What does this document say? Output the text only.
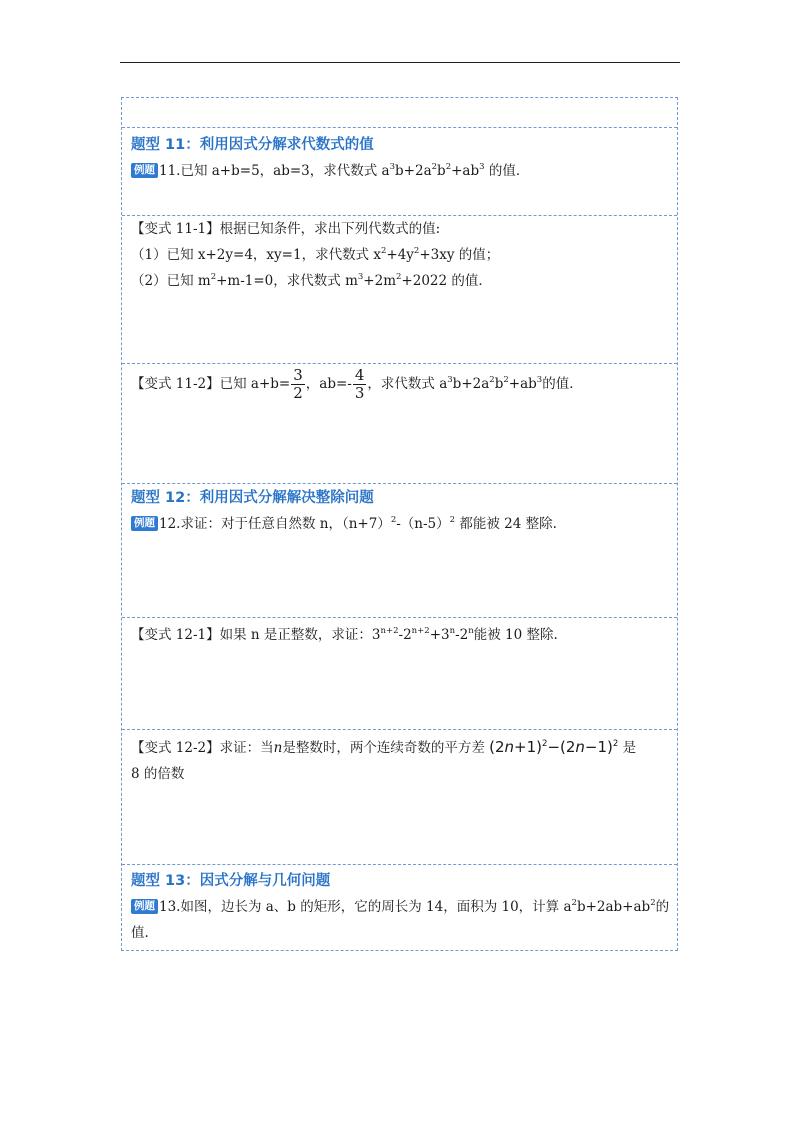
题型 11：利用因式分解求代数式的值
例题 11.已知 a+b=5，ab=3，求代数式 $a^3b+2a^2b^2+ab^3$ 的值．
【变式 11-1】根据已知条件，求出下列代数式的值:
（1）已知 x+2y=4，xy=1，求代数式 $x^2+4y^2+3xy$ 的值；
（2）已知 $m^2+m-1=0$，求代数式 $m^3+2m^2+2022$ 的值．
【变式 11-2】已知 $a+b= \frac{3}{2}$ ，$ab=- \frac{4}{3}$ ，求代数式 $a^3b+2a^2b^2+ab^3$的值．
题型 12：利用因式分解解决整除问题
例题 12.求证：对于任意自然数 n，$(n+7)^2-(n-5)^2$ 都能被 24 整除.
【变式 12-1】如果 n 是正整数，求证：$3^{n+2}-2^{n+2}+3^n-2^n$能被 10 整除.
【变式 12-2】求证：当n是整数时，两个连续奇数的平方差 $(2n+1)^2-(2n-1)^2$ 是
8 的倍数
题型 13：因式分解与几何问题
例题 13.如图，边长为 a、b 的矩形，它的周长为 14，面积为 10，计算 $a^2b+2ab+ab^2$的
值.
